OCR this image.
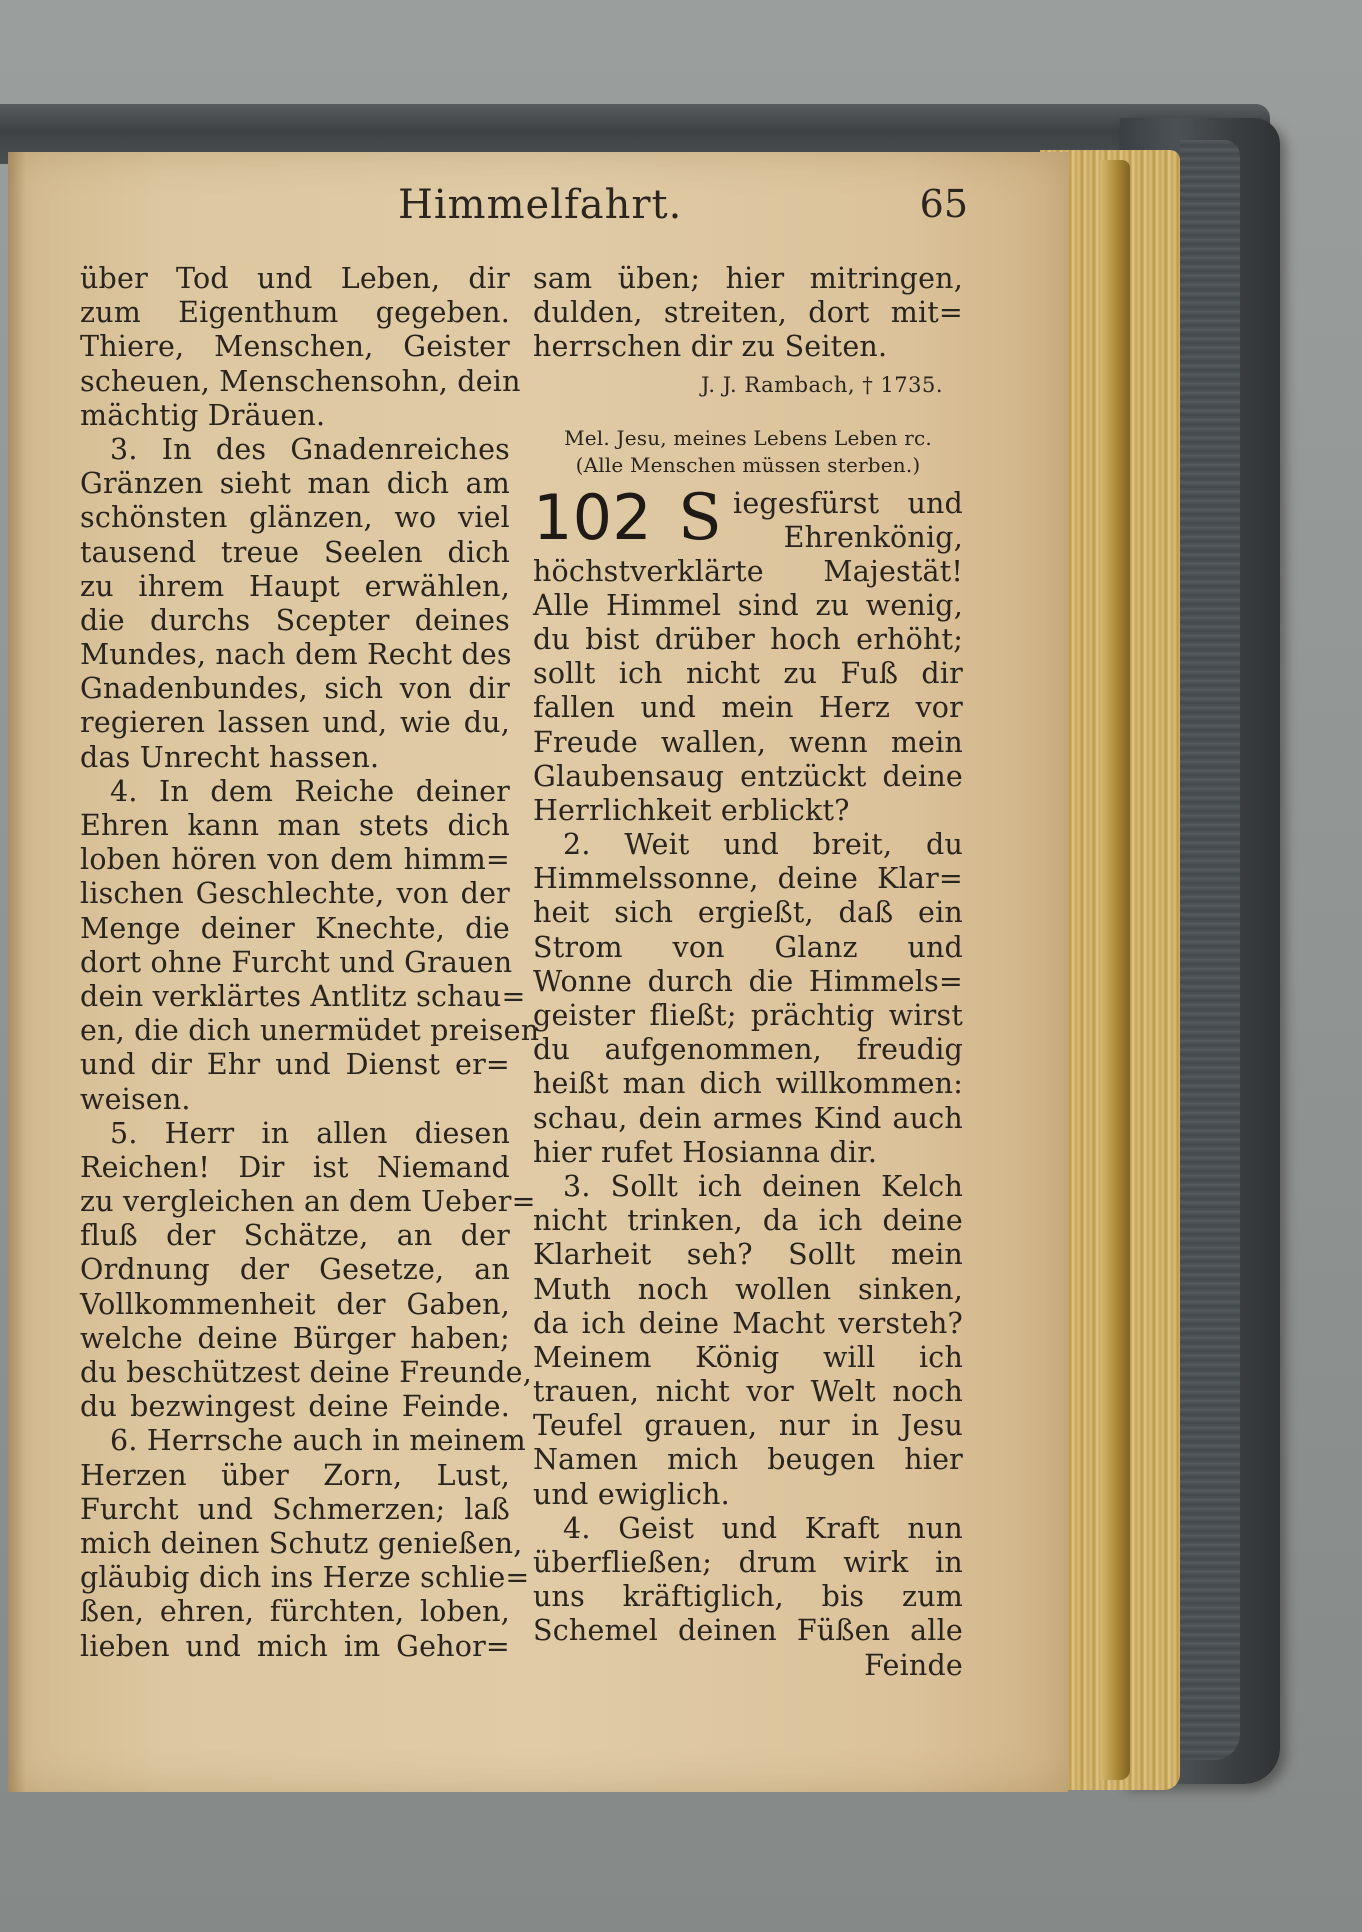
Himmelfahrt.	65
über Tod und Leben, dir
zum Eigenthum gegeben.
Thiere, Menschen, Geister
scheuen, Menschensohn, dein
mächtig Dräuen.
3. In des Gnadenreiches
Gränzen sieht man dich am
schönsten glänzen, wo viel
tausend treue Seelen dich
zu ihrem Haupt erwählen,
die durchs Scepter deines
Mundes, nach dem Recht des
Gnadenbundes, sich von dir
regieren lassen und, wie du,
das Unrecht hassen.
4. In dem Reiche deiner
Ehren kann man stets dich
loben hören von dem himm=
lischen Geschlechte, von der
Menge deiner Knechte, die
dort ohne Furcht und Grauen
dein verklärtes Antlitz schau=
en, die dich unermüdet preisen
und dir Ehr und Dienst er=
weisen.
5. Herr in allen diesen
Reichen! Dir ist Niemand
zu vergleichen an dem Ueber=
fluß der Schätze, an der
Ordnung der Gesetze, an
Vollkommenheit der Gaben,
welche deine Bürger haben;
du beschützest deine Freunde,
du bezwingest deine Feinde.
6. Herrsche auch in meinem
Herzen über Zorn, Lust,
Furcht und Schmerzen; laß
mich deinen Schutz genießen,
gläubig dich ins Herze schlie=
ßen, ehren, fürchten, loben,
lieben und mich im Gehor=
sam üben; hier mitringen,
dulden, streiten, dort mit=
herrschen dir zu Seiten.
J. J. Rambach, † 1735.
Mel. Jesu, meines Lebens Leben rc.
(Alle Menschen müssen sterben.)
102 S iegesfürst und
Ehrenkönig,
höchstverklärte Majestät!
Alle Himmel sind zu wenig,
du bist drüber hoch erhöht;
sollt ich nicht zu Fuß dir
fallen und mein Herz vor
Freude wallen, wenn mein
Glaubensaug entzückt deine
Herrlichkeit erblickt?
2. Weit und breit, du
Himmelssonne, deine Klar=
heit sich ergießt, daß ein
Strom von Glanz und
Wonne durch die Himmels=
geister fließt; prächtig wirst
du aufgenommen, freudig
heißt man dich willkommen:
schau, dein armes Kind auch
hier rufet Hosianna dir.
3. Sollt ich deinen Kelch
nicht trinken, da ich deine
Klarheit seh? Sollt mein
Muth noch wollen sinken,
da ich deine Macht versteh?
Meinem König will ich
trauen, nicht vor Welt noch
Teufel grauen, nur in Jesu
Namen mich beugen hier
und ewiglich.
4. Geist und Kraft nun
überfließen; drum wirk in
uns kräftiglich, bis zum
Schemel deinen Füßen alle
Feinde
